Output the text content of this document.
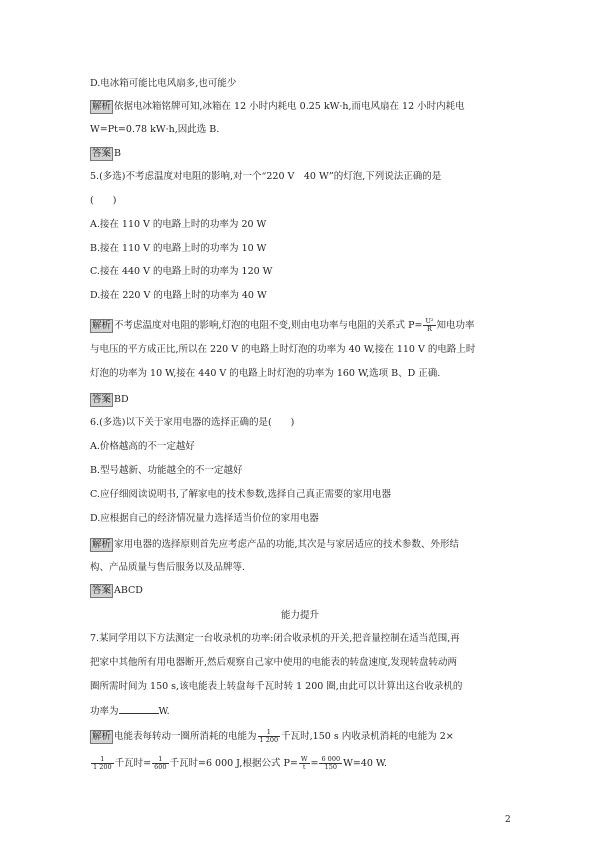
D.电冰箱可能比电风扇多,也可能少
解析 依据电冰箱铭牌可知,冰箱在 12 小时内耗电 0.25 kW·h,而电风扇在 12 小时内耗电
W=Pt=0.78 kW·h,因此选 B.
答案 B
5.(多选)不考虑温度对电阻的影响,对一个“220 V　40 W”的灯泡,下列说法正确的是
(　　)
A.接在 110 V 的电路上时的功率为 20 W
B.接在 110 V 的电路上时的功率为 10 W
C.接在 440 V 的电路上时的功率为 120 W
D.接在 220 V 的电路上时的功率为 40 W
解析 不考虑温度对电阻的影响,灯泡的电阻不变,则由电功率与电阻的关系式 $P= \frac{\text{U²}}{R}$ 知电功率
与电压的平方成正比,所以在 220 V 的电路上时灯泡的功率为 40 W,接在 110 V 的电路上时
灯泡的功率为 10 W,接在 440 V 的电路上时灯泡的功率为 160 W,选项 B、D 正确.
答案 BD
6.(多选)以下关于家用电器的选择正确的是(　　)
A.价格越高的不一定越好
B.型号越新、功能越全的不一定越好
C.应仔细阅读说明书,了解家电的技术参数,选择自己真正需要的家用电器
D.应根据自己的经济情况量力选择适当价位的家用电器
解析 家用电器的选择原则首先应考虑产品的功能,其次是与家居适应的技术参数、外形结
构、产品质量与售后服务以及品牌等.
答案 ABCD
能力提升
7.某同学用以下方法测定一台收录机的功率:闭合收录机的开关,把音量控制在适当范围,再
把家中其他所有用电器断开,然后观察自己家中使用的电能表的转盘速度,发现转盘转动两
圈所需时间为 150 s,该电能表上转盘每千瓦时转 1 200 圈,由此可以计算出这台收录机的
功率为	W.
解析 电能表每转动一圈所消耗的电能为 $\frac{1}{1 200}$ 千瓦时,150 s 内收录机消耗的电能为 2×
$\frac{1}{1 200}$ 千瓦时= $\frac{1}{600}$ 千瓦时=6 000 J,根据公式 $P= \frac{W}{t} = \frac{6 000}{150} W=40$ W.
2
